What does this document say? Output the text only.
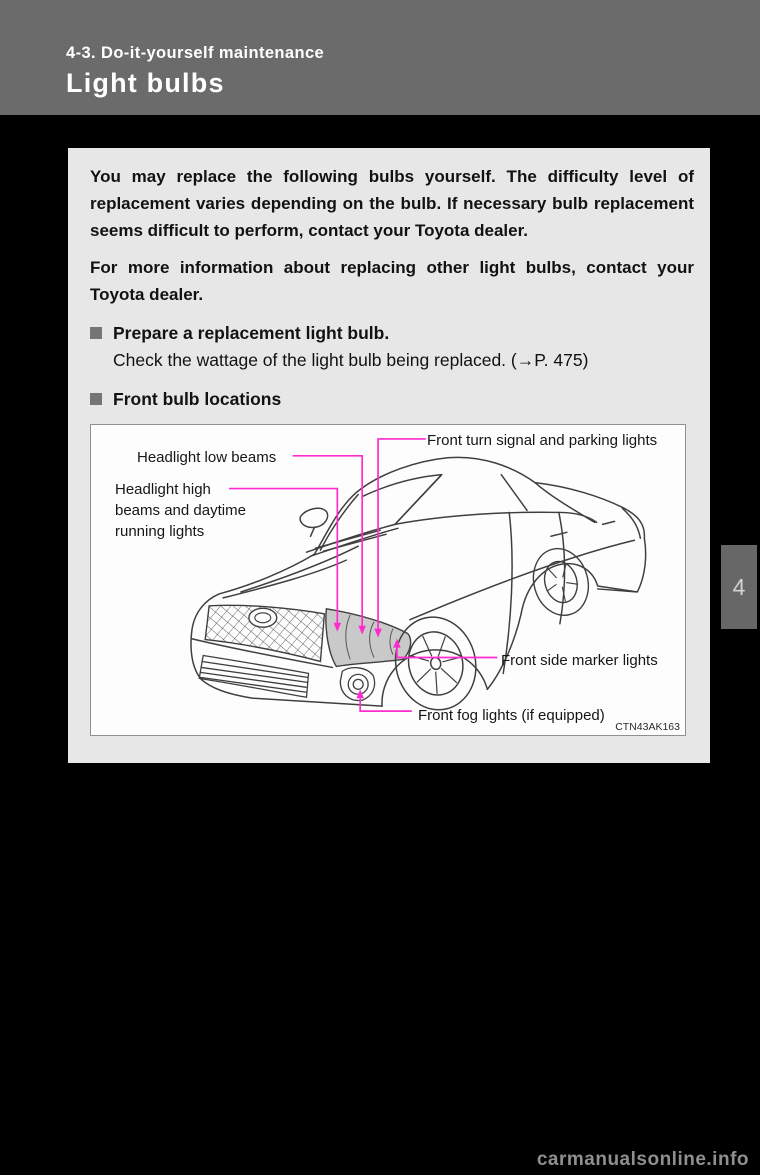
4-3. Do-it-yourself maintenance
Light bulbs
4

You may replace the following bulbs yourself. The difficulty level of replacement varies depending on the bulb. If necessary bulb replacement seems difficult to perform, contact your Toyota dealer.

For more information about replacing other light bulbs, contact your Toyota dealer.

Prepare a replacement light bulb.
Check the wattage of the light bulb being replaced. (→P. 475)
Front bulb locations
Front turn signal and parking lights
Headlight low beams
Headlight high beams and daytime running lights
Front side marker lights
Front fog lights (if equipped)
CTN43AK163
carmanualsonline.info
